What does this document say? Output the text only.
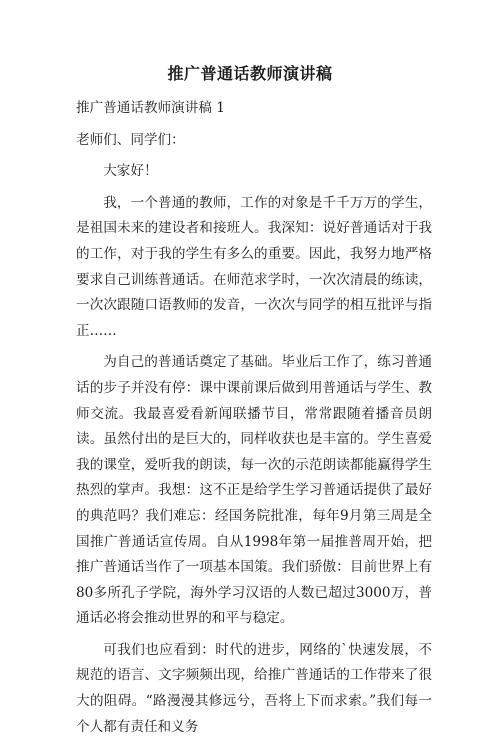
推广普通话教师演讲稿

推广普通话教师演讲稿 1

老师们、同学们：

大家好！

我，一个普通的教师，工作的对象是千千万万的学生，是祖国未来的建设者和接班人。我深知：说好普通话对于我的工作，对于我的学生有多么的重要。因此，我努力地严格要求自己训练普通话。在师范求学时，一次次清晨的练读，一次次跟随口语教师的发音，一次次与同学的相互批评与指正……

为自己的普通话奠定了基础。毕业后工作了，练习普通话的步子并没有停：课中课前课后做到用普通话与学生、教师交流。我最喜爱看新闻联播节目，常常跟随着播音员朗读。虽然付出的是巨大的，同样收获也是丰富的。学生喜爱我的课堂，爱听我的朗读，每一次的示范朗读都能赢得学生热烈的掌声。我想：这不正是给学生学习普通话提供了最好的典范吗？我们难忘：经国务院批准，每年9月第三周是全国推广普通话宣传周。自从1998年第一届推普周开始，把推广普通话当作了一项基本国策。我们骄傲：目前世界上有80多所孔子学院，海外学习汉语的人数已超过3000万，普通话必将会推动世界的和平与稳定。

可我们也应看到：时代的进步，网络的`快速发展，不规范的语言、文字频频出现，给推广普通话的工作带来了很大的阻碍。“路漫漫其修远兮，吾将上下而求索。”我们每一个人都有责任和义务
